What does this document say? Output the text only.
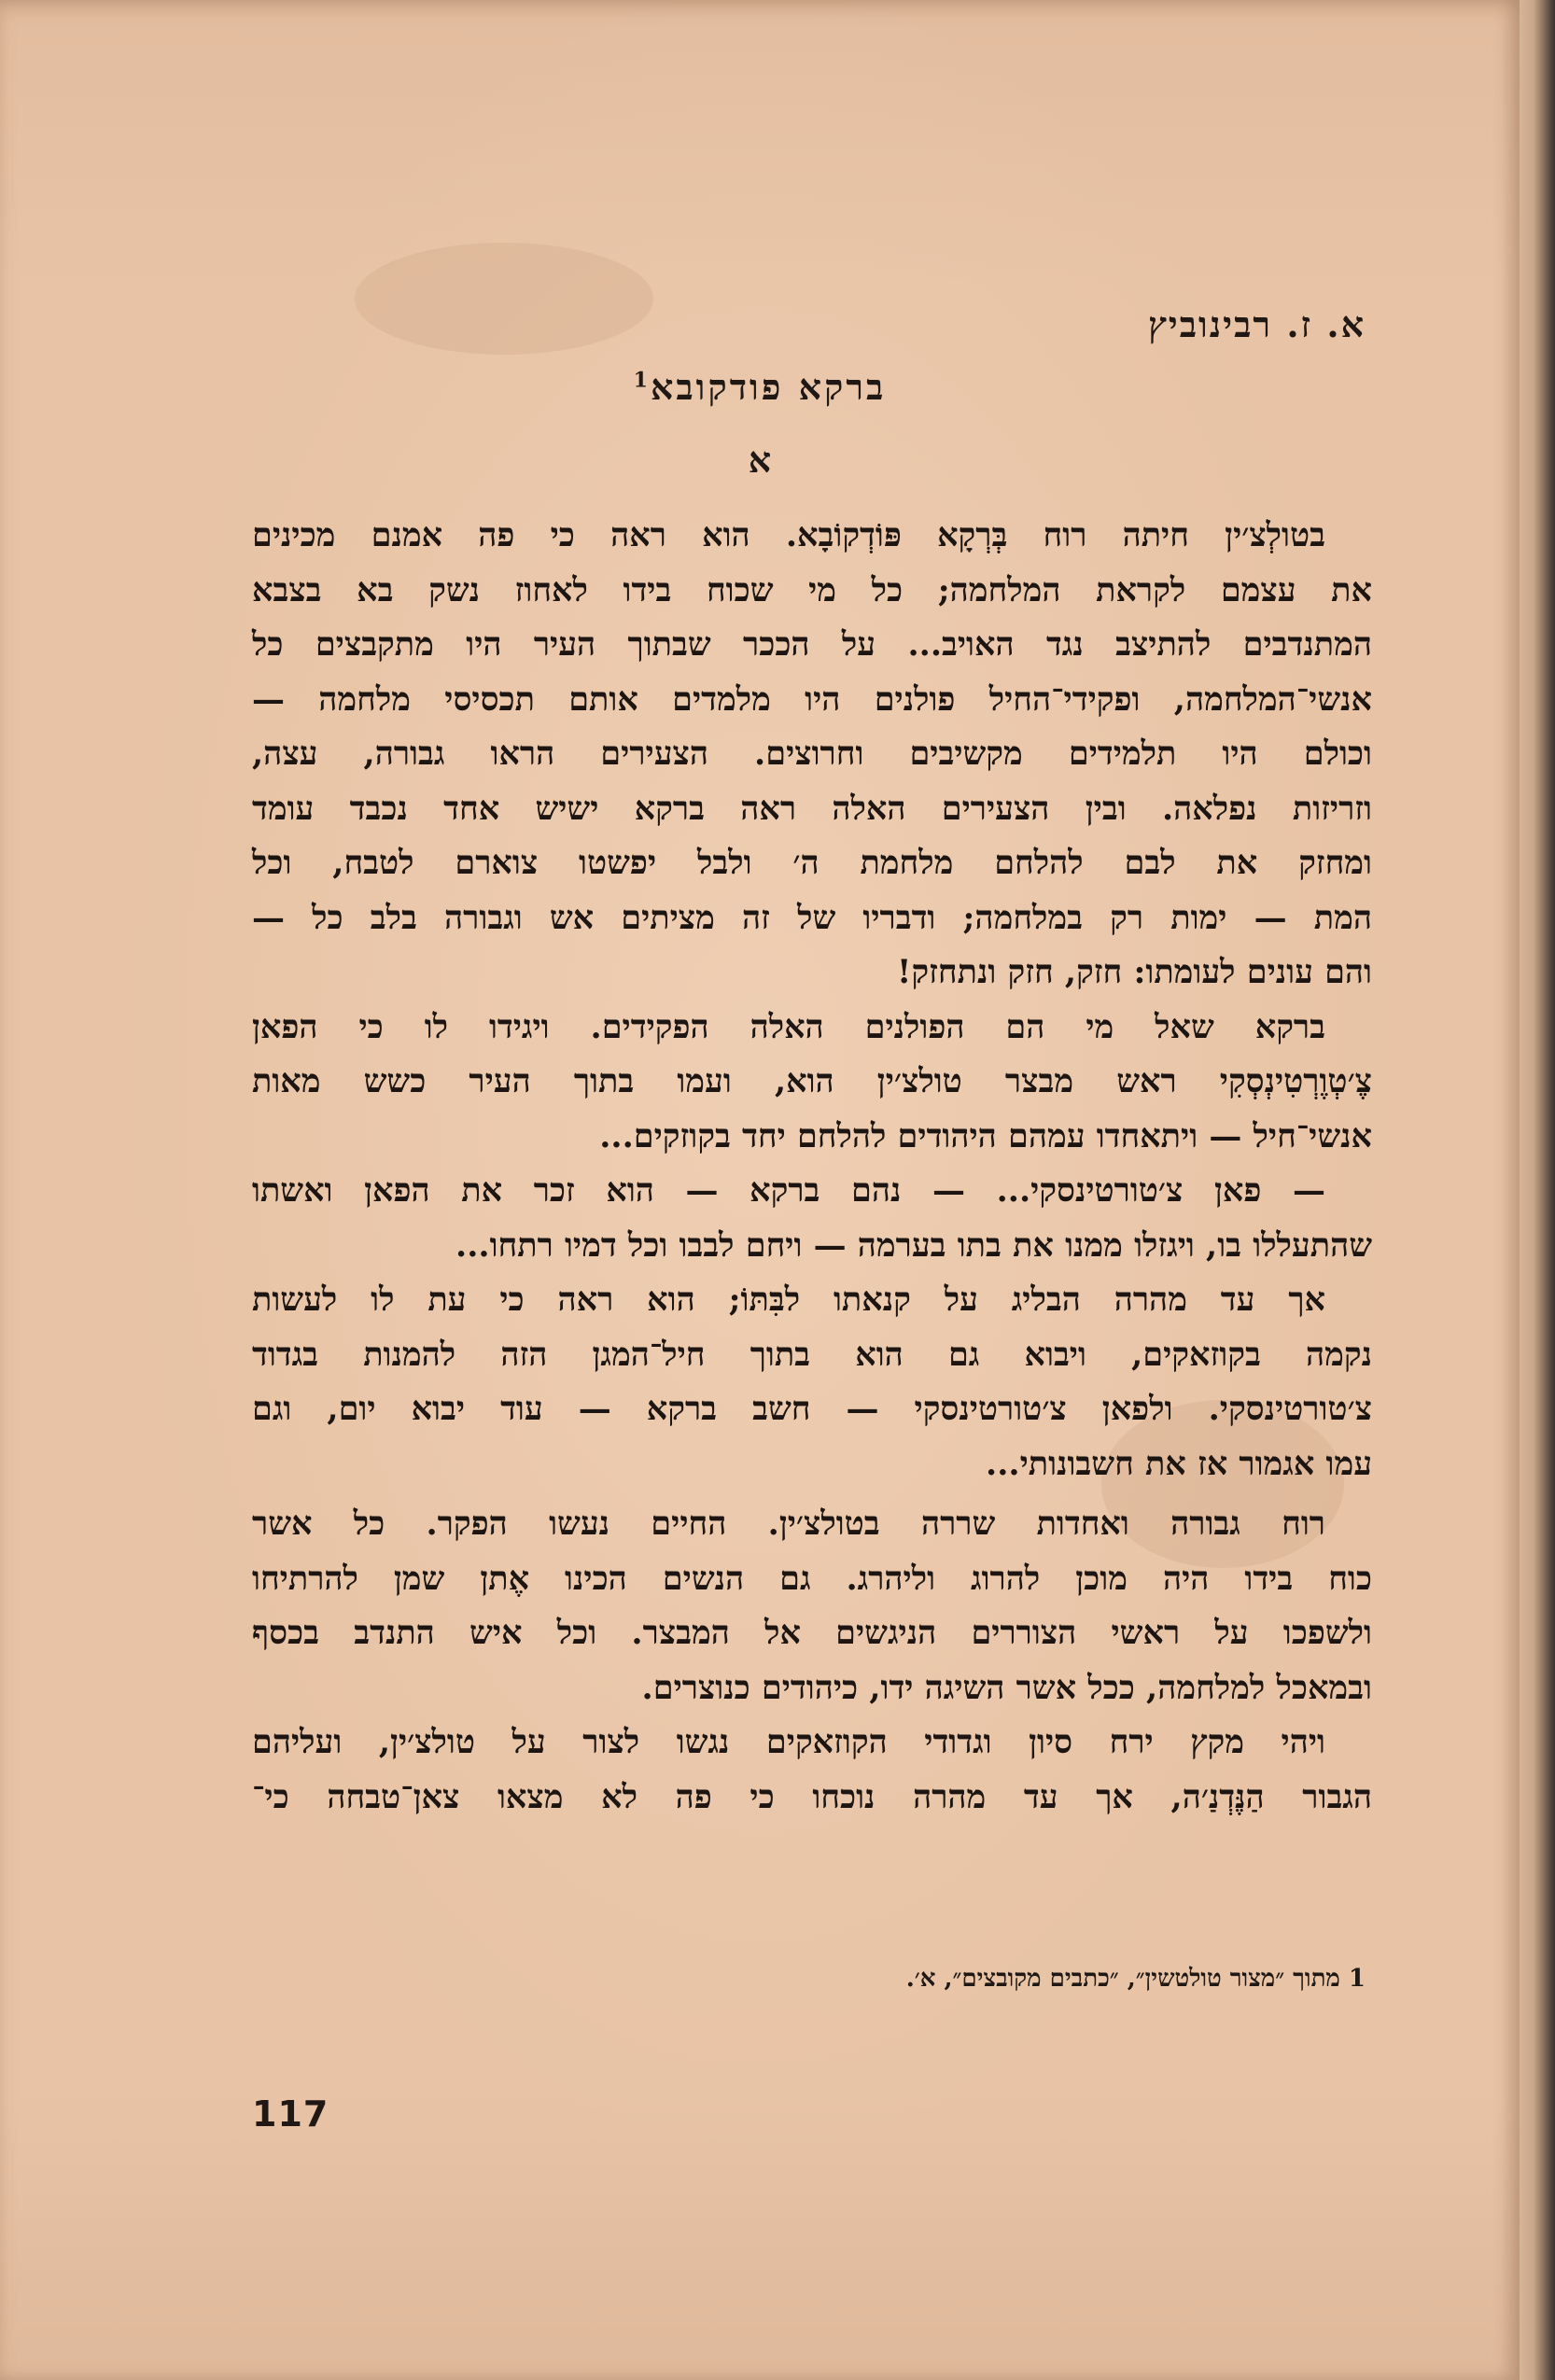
א. ז. רבינוביץ
ברקא פודקובא$^1$
א
בטולְצ׳ין חיתה רוח בְּרְקָא פּוֹדְקוֹבָא. הוא ראה כי פה אמנם מכינים
את עצמם לקראת המלחמה; כל מי שכוח בידו לאחוז נשק בא בצבא
המתנדבים להתיצב נגד האויב... על הככר שבתוך העיר היו מתקבצים כל
אנשי־המלחמה, ופקידי־החיל פולנים היו מלמדים אותם תכסיסי מלחמה —
וכולם היו תלמידים מקשיבים וחרוצים. הצעירים הראו גבורה, עצה,
וזריזות נפלאה. ובין הצעירים האלה ראה ברקא ישיש אחד נכבד עומד
ומחזק את לבם להלחם מלחמת ה׳ ולבל יפשטו צוארם לטבח, וכל
המת — ימות רק במלחמה; ודבריו של זה מציתים אש וגבורה בלב כל —
והם עונים לעומתו: חזק, חזק ונתחזק!
ברקא שאל מי הם הפולנים האלה הפקידים. ויגידו לו כי הפאן
צֶ׳טְוֶרְטִינְסְקִי ראש מבצר טולצ׳ין הוא, ועמו בתוך העיר כשש מאות
אנשי־חיל — ויתאחדו עמהם היהודים להלחם יחד בקוזקים...
— פאן צ׳טורטינסקי... — נהם ברקא — הוא זכר את הפאן ואשתו
שהתעללו בו, ויגזלו ממנו את בתו בערמה — ויחם לבבו וכל דמיו רתחו...
אך עד מהרה הבליג על קנאתו לבִּתּוֹ; הוא ראה כי עת לו לעשות
נקמה בקוזאקים, ויבוא גם הוא בתוך חיל־המגן הזה להמנות בגדוד
צ׳טורטינסקי. ולפאן צ׳טורטינסקי — חשב ברקא — עוד יבוא יום, וגם
עמו אגמור אז את חשבונותי...
רוח גבורה ואחדות שררה בטולצ׳ין. החיים נעשו הפקר. כל אשר
כוח בידו היה מוכן להרוג וליהרג. גם הנשים הכינו אֶתן שמן להרתיחו
ולשפכו על ראשי הצוררים הניגשים אל המבצר. וכל איש התנדב בכסף
ובמאכל למלחמה, ככל אשר השיגה ידו, כיהודים כנוצרים.
ויהי מקץ ירח סיון וגדודי הקוזאקים נגשו לצור על טולצ׳ין, ועליהם
הגבור הַנֶּדְנַ׳ה, אך עד מהרה נוכחו כי פה לא מצאו צאן־טבחה כי־
1 מתוך ״מצור טולטשין״, ״כתבים מקובצים״, א׳.
117
